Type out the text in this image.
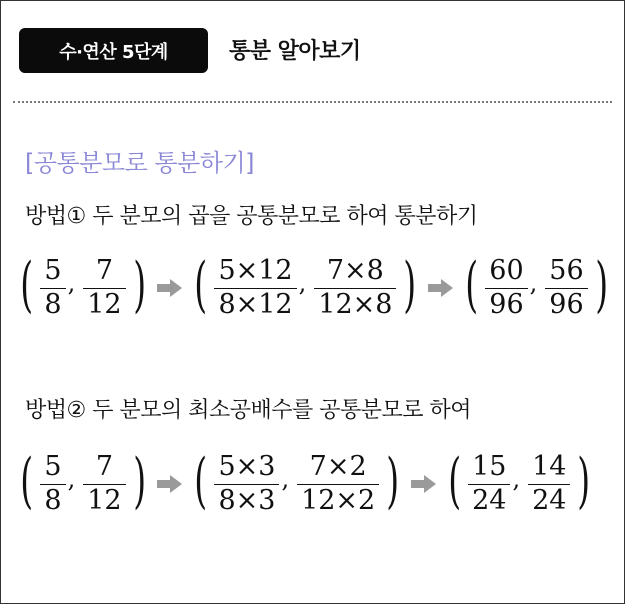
수·연산 5단계	통분 알아보기
[공통분모로 통분하기]
방법① 두 분모의 곱을 공통분모로 하여 통분하기
( $\frac{5}{8}$ , $\frac{7}{12}$ ) ( $\frac{5\times 12}{8\times 12}$ , $\frac{7\times 8}{12\times 8}$ ) ( $\frac{60}{96}$ , $\frac{56}{96}$ )
방법② 두 분모의 최소공배수를 공통분모로 하여
( $\frac{5}{8}$ , $\frac{7}{12}$ ) ( $\frac{5\times 3}{8\times 3}$ , $\frac{7\times 2}{12\times 2}$ ) ( $\frac{15}{24}$ , $\frac{14}{24}$ )
